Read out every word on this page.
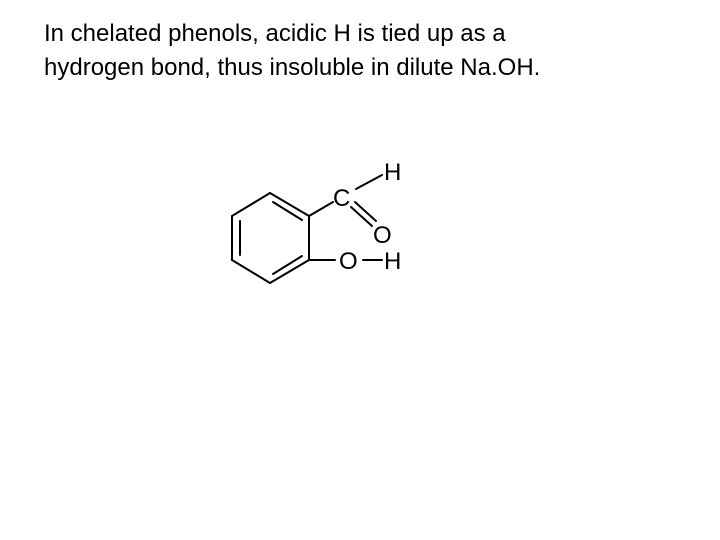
In chelated phenols, acidic H is tied up as a
hydrogen bond, thus insoluble in dilute Na.OH.

H
C
O
O H
